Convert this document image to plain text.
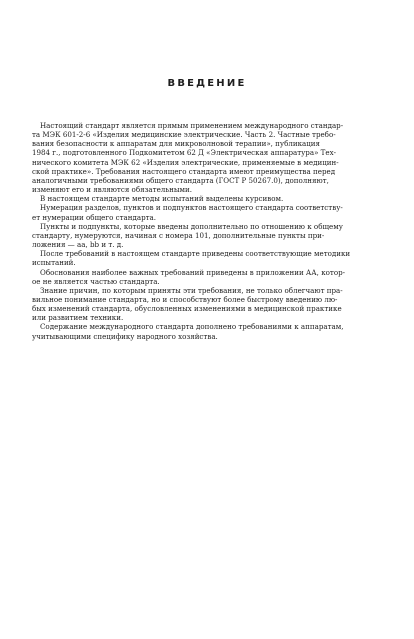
ВВЕДЕНИЕ
Настоящий стандарт является прямым применением международного стандар-
та МЭК 601-2-6 «Изделия медицинские электрические. Часть 2. Частные требо-
вания безопасности к аппаратам для микроволновой терапии», публикация
1984 г., подготовленного Подкомитетом 62 Д «Электрическая аппаратура» Тех-
нического комитета МЭК 62 «Изделия электрические, применяемые в медицин-
ской практике». Требования настоящего стандарта имеют преимущества перед
аналогичными требованиями общего стандарта (ГОСТ Р 50267.0), дополняют,
изменяют его и являются обязательными.
В настоящем стандарте методы испытаний выделены курсивом.
Нумерация разделов, пунктов и подпунктов настоящего стандарта соответству-
ет нумерации общего стандарта.
Пункты и подпункты, которые введены дополнительно по отношению к общему
стандарту, нумеруются, начиная с номера 101, дополнительные пункты при-
ложения — аа, bb и т. д.
После требований в настоящем стандарте приведены соответствующие методики
испытаний.
Обоснования наиболее важных требований приведены в приложении АА, котор-
ое не является частью стандарта.
Знание причин, по которым приняты эти требования, не только облегчают пра-
вильное понимание стандарта, но и способствуют более быстрому введению лю-
бых изменений стандарта, обусловленных изменениями в медицинской практике
или развитием техники.
Содержание международного стандарта дополнено требованиями к аппаратам,
учитывающими специфику народного хозяйства.
